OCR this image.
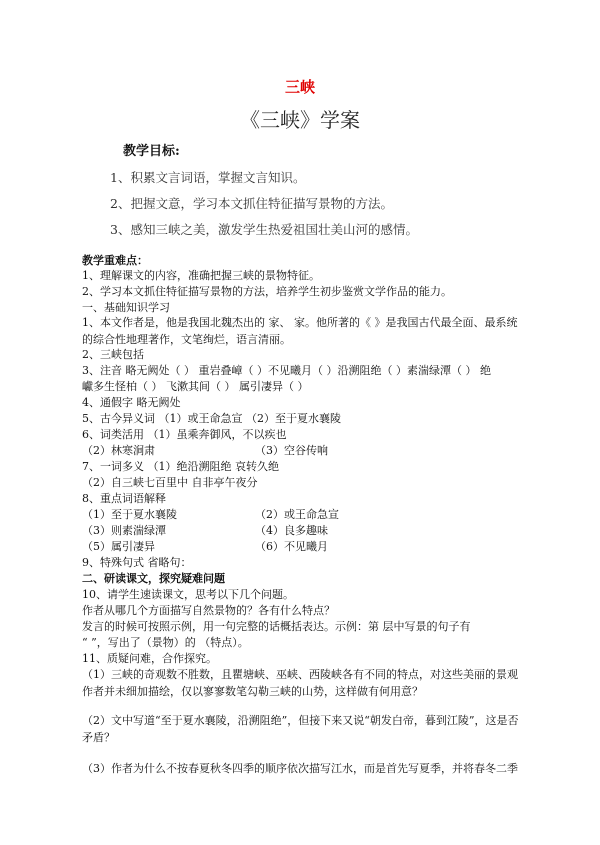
三峡
《三峡》学案
教学目标:
1、积累文言词语，掌握文言知识。
2、把握文意，学习本文抓住特征描写景物的方法。
3、感知三峡之美，激发学生热爱祖国壮美山河的感情。
教学重难点：
1、理解课文的内容，准确把握三峡的景物特征。
2、学习本文抓住特征描写景物的方法，培养学生初步鉴赏文学作品的能力。
一、基础知识学习
1、本文作者是，他是我国北魏杰出的 家、 家。他所著的《 》是我国古代最全面、最系统的综合性地理著作，文笔绚烂，语言清丽。
2、三峡包括
3、注音 略无阙处（ ） 重岩叠嶂（ ）不见曦月（ ）沿溯阻绝（ ）素湍绿潭（ ） 绝
巘多生怪柏（ ） 飞漱其间（ ） 属引凄异（ ）
4、通假字 略无阙处
5、古今异义词 （1）或王命急宣 （2）至于夏水襄陵
6、词类活用 （1）虽乘奔御风，不以疾也
（2）林寒涧肃	（3）空谷传响
7、一词多义 （1）绝沿溯阻绝 哀转久绝
（2）自三峡七百里中 自非亭午夜分
8、重点词语解释
（1）至于夏水襄陵	（2）或王命急宣
（3）则素湍绿潭	（4）良多趣味
（5）属引凄异	（6）不见曦月
9、特殊句式 省略句：
二、研读课文，探究疑难问题
10、请学生速读课文，思考以下几个问题。
作者从哪几个方面描写自然景物的？各有什么特点？
发言的时候可按照示例，用一句完整的话概括表达。示例：第 层中写景的句子有
“ ”，写出了（景物）的 （特点）。
11、质疑问难，合作探究。
（1）三峡的奇观数不胜数，且瞿塘峡、巫峡、西陵峡各有不同的特点，对这些美丽的景观作者并未细加描绘，仅以寥寥数笔勾勒三峡的山势，这样做有何用意？
（2）文中写道“至于夏水襄陵，沿溯阻绝”，但接下来又说“朝发白帝，暮到江陵”，这是否矛盾？
（3）作者为什么不按春夏秋冬四季的顺序依次描写江水，而是首先写夏季，并将春冬二季
